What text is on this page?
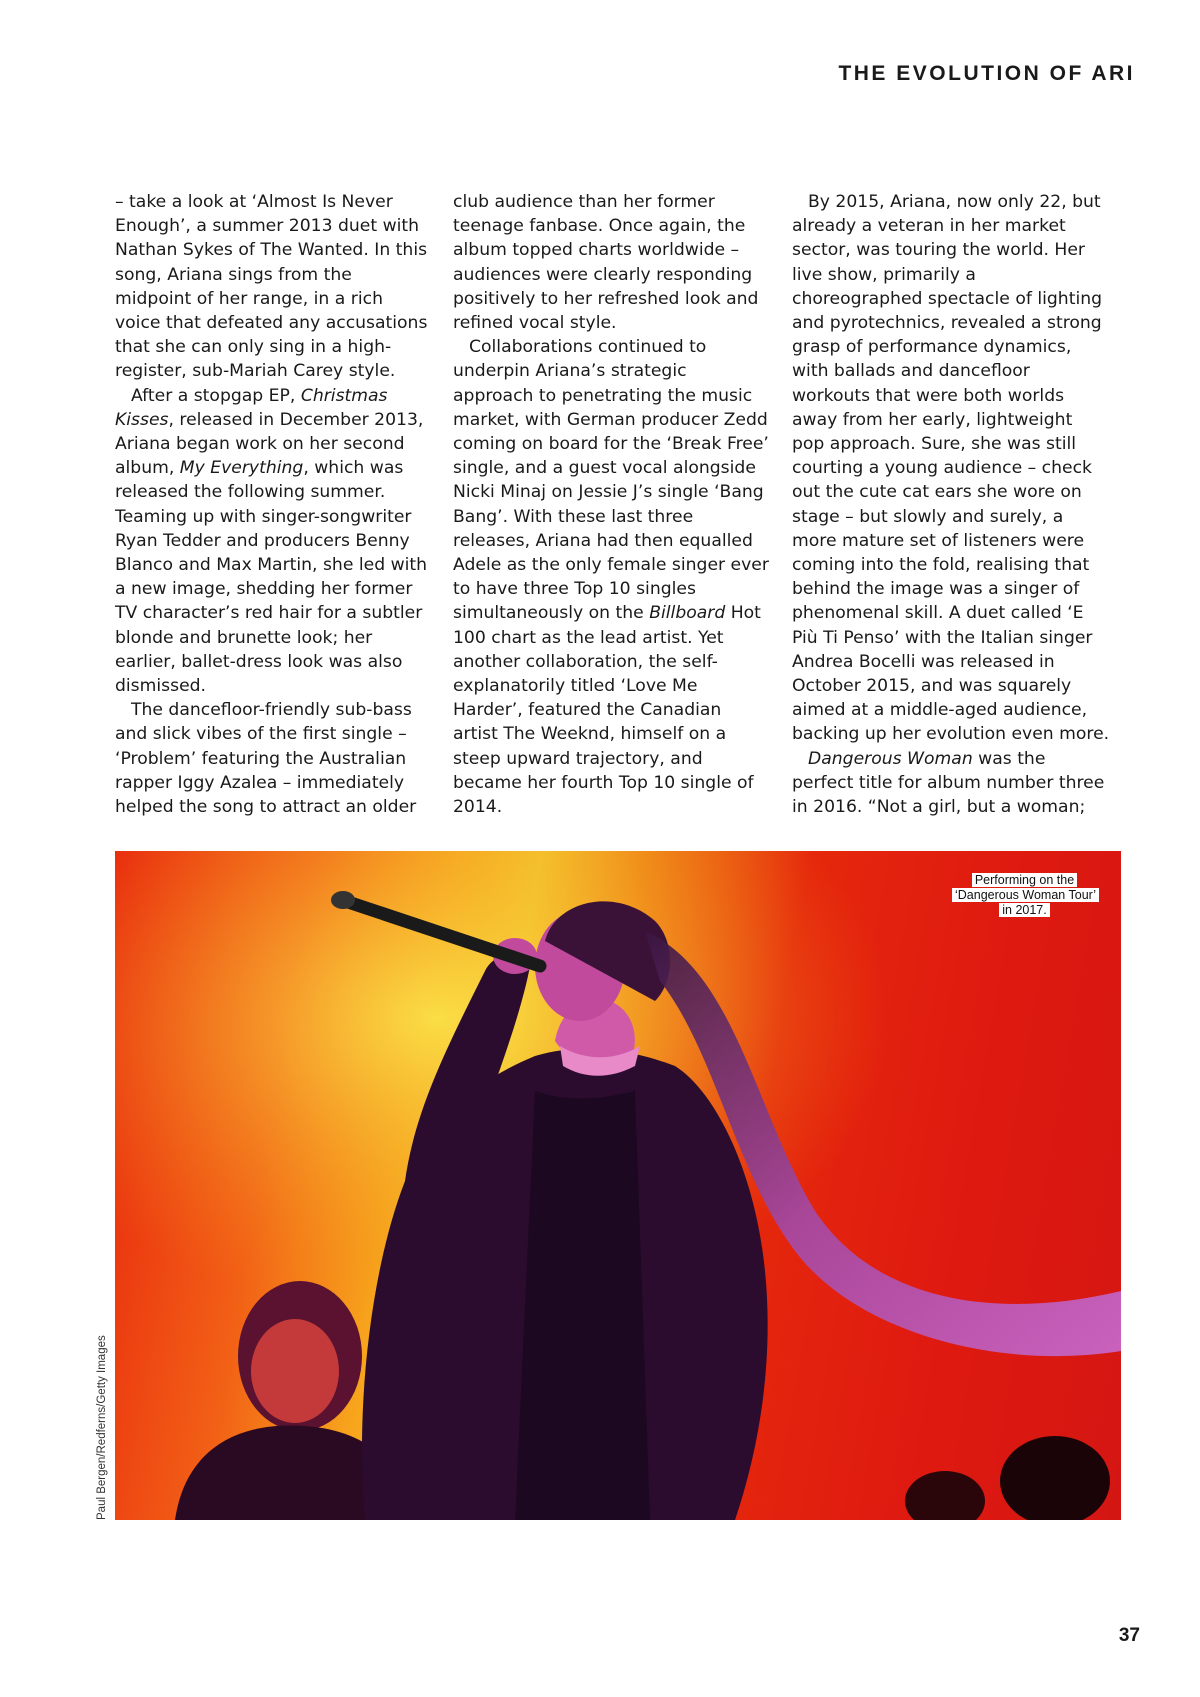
THE EVOLUTION OF ARI

– take a look at ‘Almost Is Never Enough’, a summer 2013 duet with Nathan Sykes of The Wanted. In this song, Ariana sings from the midpoint of her range, in a rich voice that defeated any accusations that she can only sing in a high-register, sub-Mariah Carey style.

After a stopgap EP, Christmas Kisses, released in December 2013, Ariana began work on her second album, My Everything, which was released the following summer. Teaming up with singer-songwriter Ryan Tedder and producers Benny Blanco and Max Martin, she led with a new image, shedding her former TV character’s red hair for a subtler blonde and brunette look; her earlier, ballet-dress look was also dismissed.

The dancefloor-friendly sub-bass and slick vibes of the first single – ‘Problem’ featuring the Australian rapper Iggy Azalea – immediately helped the song to attract an older

club audience than her former teenage fanbase. Once again, the album topped charts worldwide – audiences were clearly responding positively to her refreshed look and refined vocal style.

Collaborations continued to underpin Ariana’s strategic approach to penetrating the music market, with German producer Zedd coming on board for the ‘Break Free’ single, and a guest vocal alongside Nicki Minaj on Jessie J’s single ‘Bang Bang’. With these last three releases, Ariana had then equalled Adele as the only female singer ever to have three Top 10 singles simultaneously on the Billboard Hot 100 chart as the lead artist. Yet another collaboration, the self-explanatorily titled ‘Love Me Harder’, featured the Canadian artist The Weeknd, himself on a steep upward trajectory, and became her fourth Top 10 single of 2014.

By 2015, Ariana, now only 22, but already a veteran in her market sector, was touring the world. Her live show, primarily a choreographed spectacle of lighting and pyrotechnics, revealed a strong grasp of performance dynamics, with ballads and dancefloor workouts that were both worlds away from her early, lightweight pop approach. Sure, she was still courting a young audience – check out the cute cat ears she wore on stage – but slowly and surely, a more mature set of listeners were coming into the fold, realising that behind the image was a singer of phenomenal skill. A duet called ‘E Più Ti Penso’ with the Italian singer Andrea Bocelli was released in October 2015, and was squarely aimed at a middle-aged audience, backing up her evolution even more.

Dangerous Woman was the perfect title for album number three in 2016. “Not a girl, but a woman;

Performing on the ‘Dangerous Woman Tour’ in 2017.
Paul Bergen/Redferns/Getty Images
37
